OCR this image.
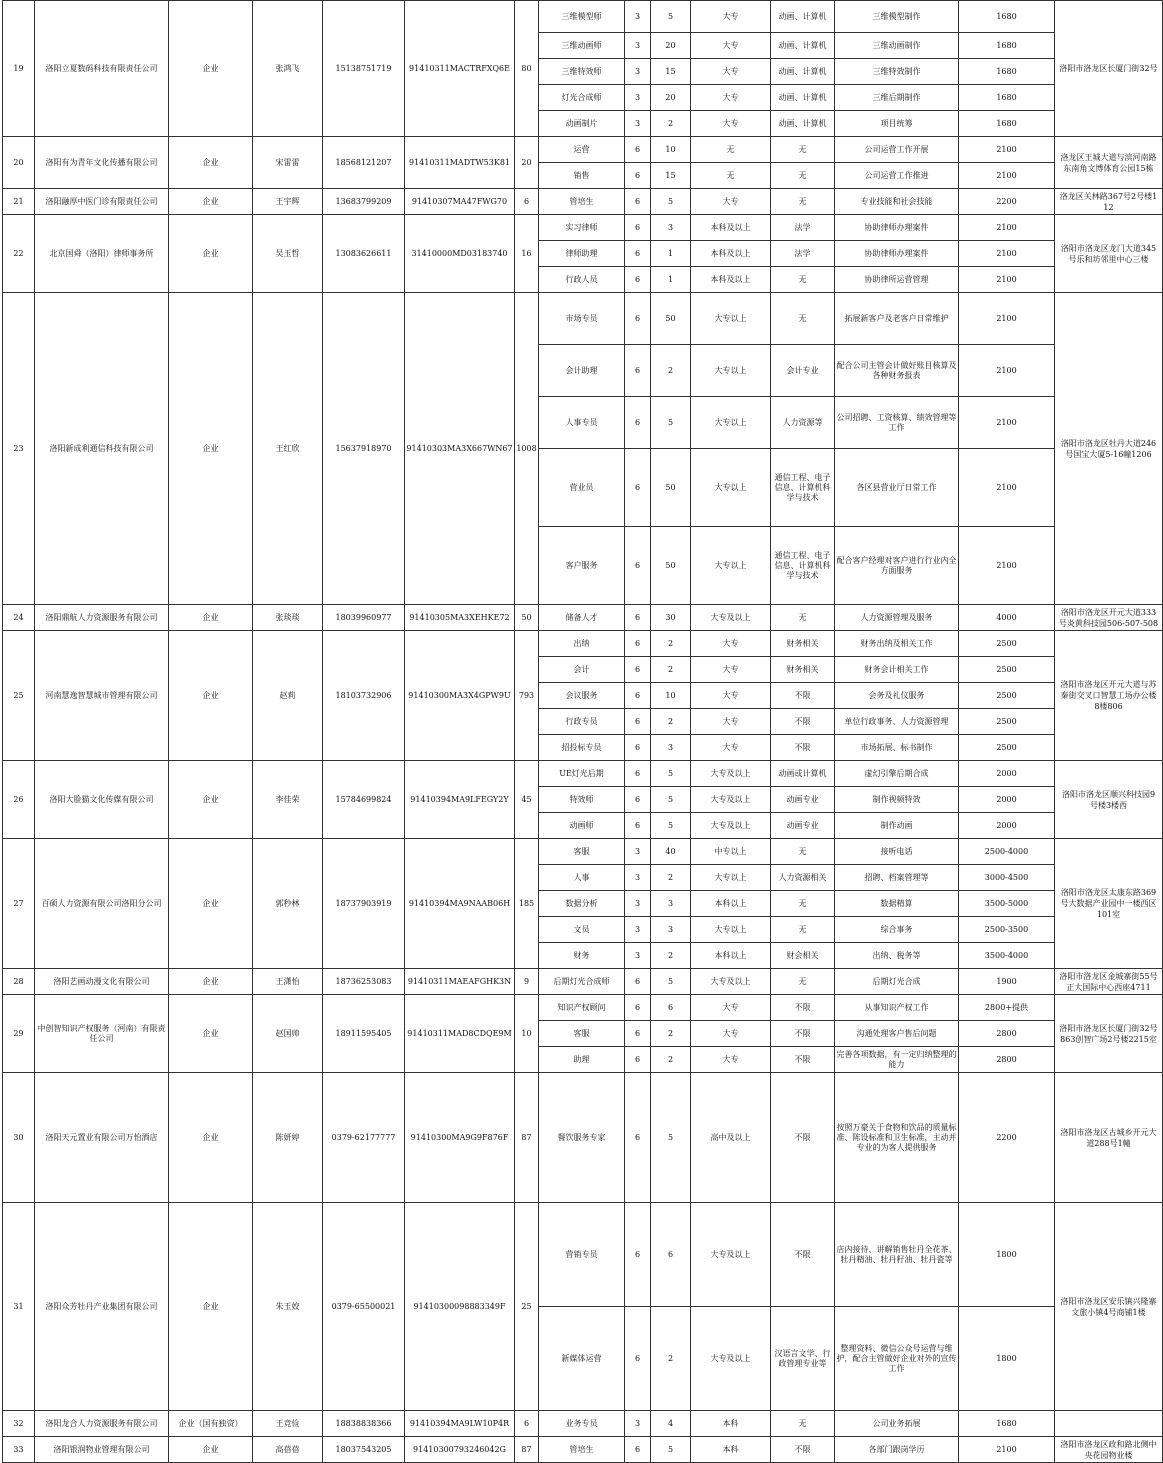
19	洛阳立夏数码科技有限责任公司	企业	张鸿飞	15138751719	91410311MACTRFXQ6E	80	三维模型师	3	5	大专	动画、计算机	三维模型制作	1680	洛阳市洛龙区长厦门街32号
							三维动画师	3	20	大专	动画、计算机	三维动画制作	1680	
							三维特效师	3	15	大专	动画、计算机	三维特效制作	1680	
							灯光合成师	3	20	大专	动画、计算机	三维后期制作	1680	
							动画制片	3	2	大专	动画、计算机	项目统筹	1680	
20	洛阳有为青年文化传播有限公司	企业	宋雷雷	18568121207	91410311MADTW53K81	20	运营	6	10	无	无	公司运营工作开展	2100	洛龙区王城大道与滨河南路东南角文博体育公园15栋
							销售	6	15	无	无	公司运营工作推进	2100	
21	洛阳融厚中医门诊有限责任公司	企业	王宇辉	13683799209	91410307MA47FWG70	6	管培生	6	5	大专	无	专业技能和社会技能	2200	洛龙区关林路367号2号楼112
22	北京国舜（洛阳）律师事务所	企业	吴玉哲	13083626611	31410000MD03183740	16	实习律师	6	3	本科及以上	法学	协助律师办理案件	2100	洛阳市洛龙区龙门大道345号乐和坊邻里中心三楼
							律师助理	6	1	本科及以上	法学	协助律师办理案件	2100	
							行政人员	6	1	本科及以上	无	协助律所运营管理	2100	
23	洛阳新成利通信科技有限公司	企业	王红欣	15637918970	91410303MA3X667WN67	1008	市场专员	6	50	大专以上	无	拓展新客户及老客户日常维护	2100	洛阳市洛龙区牡丹大道246号国宝大厦5-16幢1206
							会计助理	6	2	大专以上	会计专业	配合公司主管会计做好账目核算及各种财务报表	2100	
							人事专员	6	5	大专以上	人力资源等	公司招聘、工资核算、绩效管理等工作	2100	
							营业员	6	50	大专以上	通信工程、电子信息、计算机科学与技术	各区县营业厅日常工作	2100	
							客户服务	6	50	大专以上	通信工程、电子信息、计算机科学与技术	配合客户经理对客户进行行业内全方面服务	2100	
24	洛阳鼎航人力资源服务有限公司	企业	张琰琰	18039960977	91410305MA3XEHKE72	50	储备人才	6	30	大专及以上	无	人力资源管理及服务	4000	洛阳市洛龙区开元大道333号炎黄科技园506-507-508
25	河南慧逸智慧城市管理有限公司	企业	赵莉	18103732906	91410300MA3X4GPW9U	793	出纳	6	2	大专	财务相关	财务出纳及相关工作	2500	洛阳市洛龙区开元大道与苏秦街交叉口智慧工场办公楼8楼806
							会计	6	2	大专	财务相关	财务会计相关工作	2500	
							会议服务	6	10	大专	不限	会务及礼仪服务	2500	
							行政专员	6	2	大专	不限	单位行政事务、人力资源管理	2500	
							招投标专员	6	3	大专	不限	市场拓展、标书制作	2500	
26	洛阳大脸猫文化传媒有限公司	企业	李佳荣	15784699824	91410394MA9LFEGY2Y	45	UE灯光后期	6	5	大专及以上	动画或计算机	虚幻引擎后期合成	2000	洛阳市洛龙区顺兴科技园9号楼3楼西
							特效师	6	5	大专及以上	动画专业	制作视频特效	2000	
							动画师	6	5	大专及以上	动画专业	制作动画	2000	
27	百硕人力资源有限公司洛阳分公司	企业	郭秒林	18737903919	91410394MA9NAAB06H	185	客服	3	40	中专以上	无	接听电话	2500-4000	洛阳市洛龙区太康东路369号大数据产业园中一楼西区101室
							人事	3	2	大专以上	人力资源相关	招聘、档案管理等	3000-4500	
							数据分析	3	3	本科以上	无	数据精算	3500-5000	
							文员	3	3	大专以上	无	综合事务	2500-3500	
							财务	3	2	本科以上	财会相关	出纳、税务等	3500-4000	
28	洛阳艺画动漫文化有限公司	企业	王潇怡	18736253083	91410311MAEAFGHK3N	9	后期灯光合成师	6	5	大专及以上	无	后期灯光合成	1900	洛阳市洛龙区金城寨街55号正大国际中心西座4711
29	中创智知识产权服务（河南）有限责任公司	企业	赵国帅	18911595405	91410311MAD8CDQE9M	10	知识产权顾问	6	6	大专	不限	从事知识产权工作	2800+提供	洛阳市洛龙区长厦门街32号863创智广场2号楼2215室
							客服	6	2	大专	不限	沟通处理客户售后问题	2800	
							助理	6	2	大专	不限	完善各项数据，有一定归纳整理的能力	2800	
30	洛阳天元置业有限公司万怡酒店	企业	陈妍婷	0379-62177777	91410300MA9G9F876F	87	餐饮服务专家	6	5	高中及以上	不限	按照万豪关于食物和饮品的质量标准、陈设标准和卫生标准，主动并专业的为客人提供服务	2200	洛阳市洛龙区古城乡开元大道288号1幢
31	洛阳众芳牡丹产业集团有限公司	企业	朱玉姣	0379-65500021	91410300098883349F	25	营销专员	6	6	大专及以上	不限	店内接待、讲解销售牡丹全花茶、牡丹精油、牡丹籽油、牡丹瓷等	1800	洛阳市洛龙区安乐镇兴隆寨文旅小镇4号商铺1楼
							新媒体运营	6	2	大专及以上	汉语言文学、行政管理专业等	整理资料、微信公众号运营与维护，配合主管做好企业对外的宣传工作	1800	
32	洛阳龙合人力资源服务有限公司	企业（国有独资）	王竞俭	18838838366	91410394MA9LW10P4R	6	业务专员	3	4	本科	无	公司业务拓展	1680	
33	洛阳银润物业管理有限公司	企业	高蓓蓓	18037543205	91410300793246042G	87	管培生	6	5	本科	不限	各部门跟岗学历	2100	洛阳市洛龙区政和路北侧中央花园物业楼
